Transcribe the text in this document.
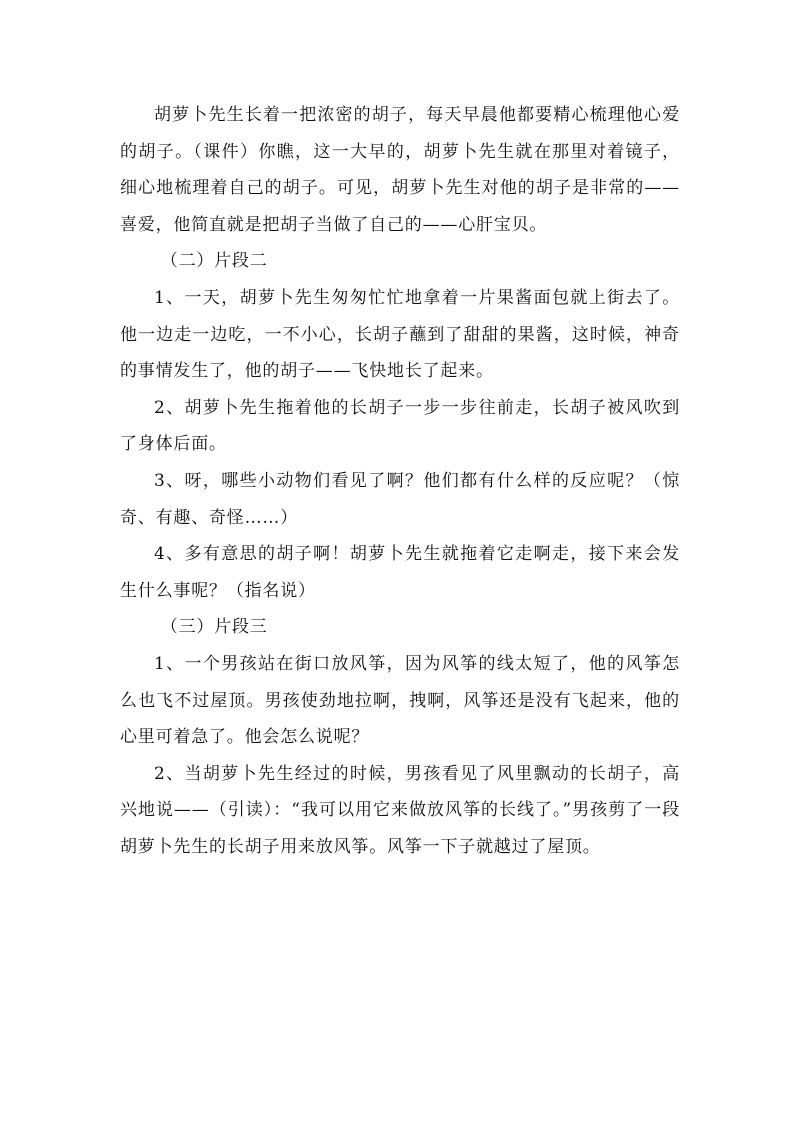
胡萝卜先生长着一把浓密的胡子，每天早晨他都要精心梳理他心爱的胡子。（课件）你瞧，这一大早的，胡萝卜先生就在那里对着镜子，细心地梳理着自己的胡子。可见，胡萝卜先生对他的胡子是非常的——喜爱，他简直就是把胡子当做了自己的——心肝宝贝。

（二）片段二

1、一天，胡萝卜先生匆匆忙忙地拿着一片果酱面包就上街去了。他一边走一边吃，一不小心，长胡子蘸到了甜甜的果酱，这时候，神奇的事情发生了，他的胡子——飞快地长了起来。

2、胡萝卜先生拖着他的长胡子一步一步往前走，长胡子被风吹到了身体后面。

3、呀，哪些小动物们看见了啊？他们都有什么样的反应呢？（惊奇、有趣、奇怪……）

4、多有意思的胡子啊！胡萝卜先生就拖着它走啊走，接下来会发生什么事呢？（指名说）

（三）片段三

1、一个男孩站在街口放风筝，因为风筝的线太短了，他的风筝怎么也飞不过屋顶。男孩使劲地拉啊，拽啊，风筝还是没有飞起来，他的心里可着急了。他会怎么说呢？

2、当胡萝卜先生经过的时候，男孩看见了风里飘动的长胡子，高兴地说——（引读）：“我可以用它来做放风筝的长线了。”男孩剪了一段胡萝卜先生的长胡子用来放风筝。风筝一下子就越过了屋顶。
